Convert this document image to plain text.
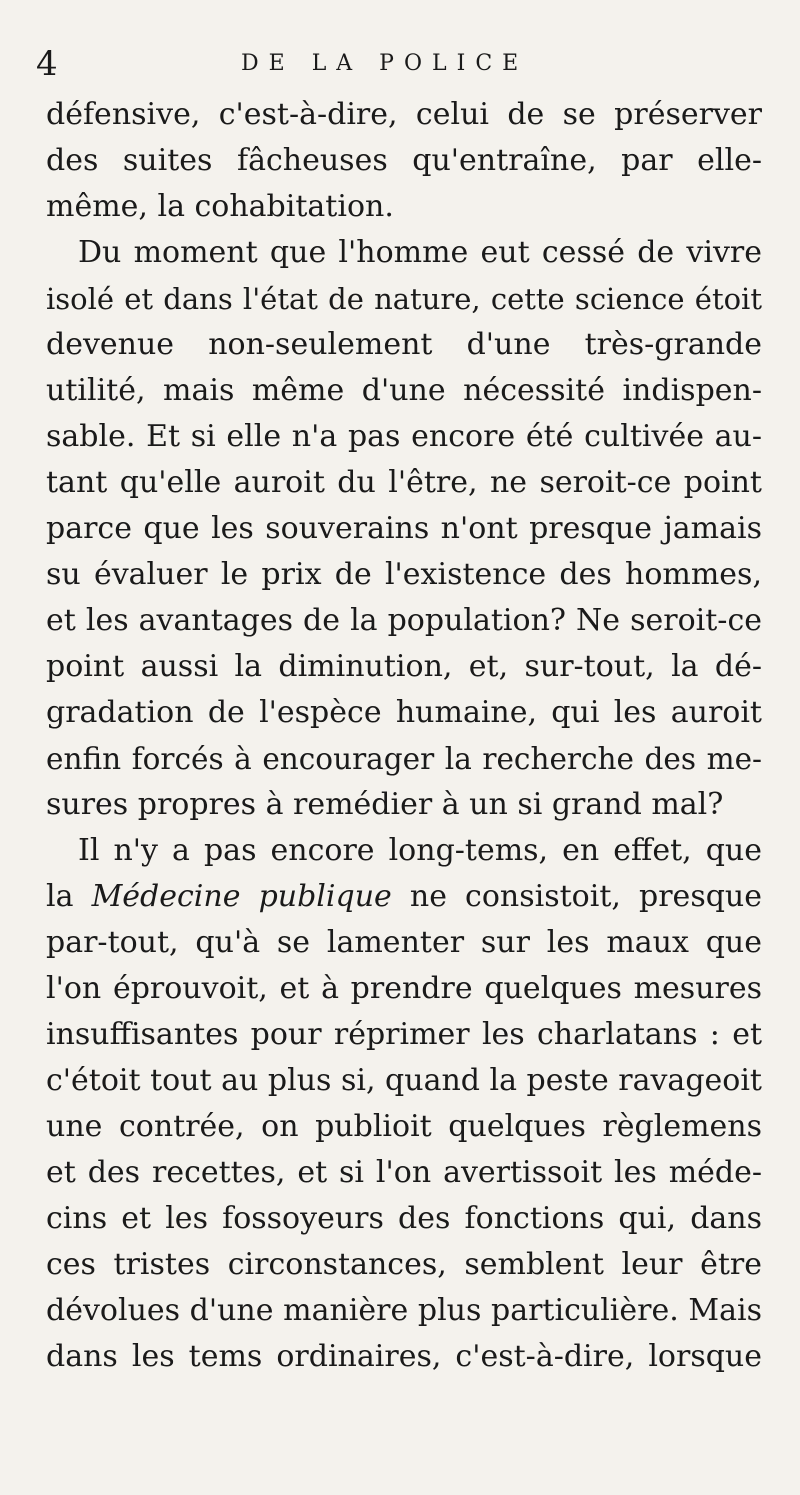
4	DE LA POLICE
défensive, c'est-à-dire, celui de se préserver
des suites fâcheuses qu'entraîne, par elle-
même, la cohabitation.
Du moment que l'homme eut cessé de vivre
isolé et dans l'état de nature, cette science étoit
devenue non-seulement d'une très-grande
utilité, mais même d'une nécessité indispen-
sable. Et si elle n'a pas encore été cultivée au-
tant qu'elle auroit du l'être, ne seroit-ce point
parce que les souverains n'ont presque jamais
su évaluer le prix de l'existence des hommes,
et les avantages de la population? Ne seroit-ce
point aussi la diminution, et, sur-tout, la dé-
gradation de l'espèce humaine, qui les auroit
enfin forcés à encourager la recherche des me-
sures propres à remédier à un si grand mal?
Il n'y a pas encore long-tems, en effet, que
la Médecine publique ne consistoit, presque
par-tout, qu'à se lamenter sur les maux que
l'on éprouvoit, et à prendre quelques mesures
insuffisantes pour réprimer les charlatans : et
c'étoit tout au plus si, quand la peste ravageoit
une contrée, on publioit quelques règlemens
et des recettes, et si l'on avertissoit les méde-
cins et les fossoyeurs des fonctions qui, dans
ces tristes circonstances, semblent leur être
dévolues d'une manière plus particulière. Mais
dans les tems ordinaires, c'est-à-dire, lorsque
